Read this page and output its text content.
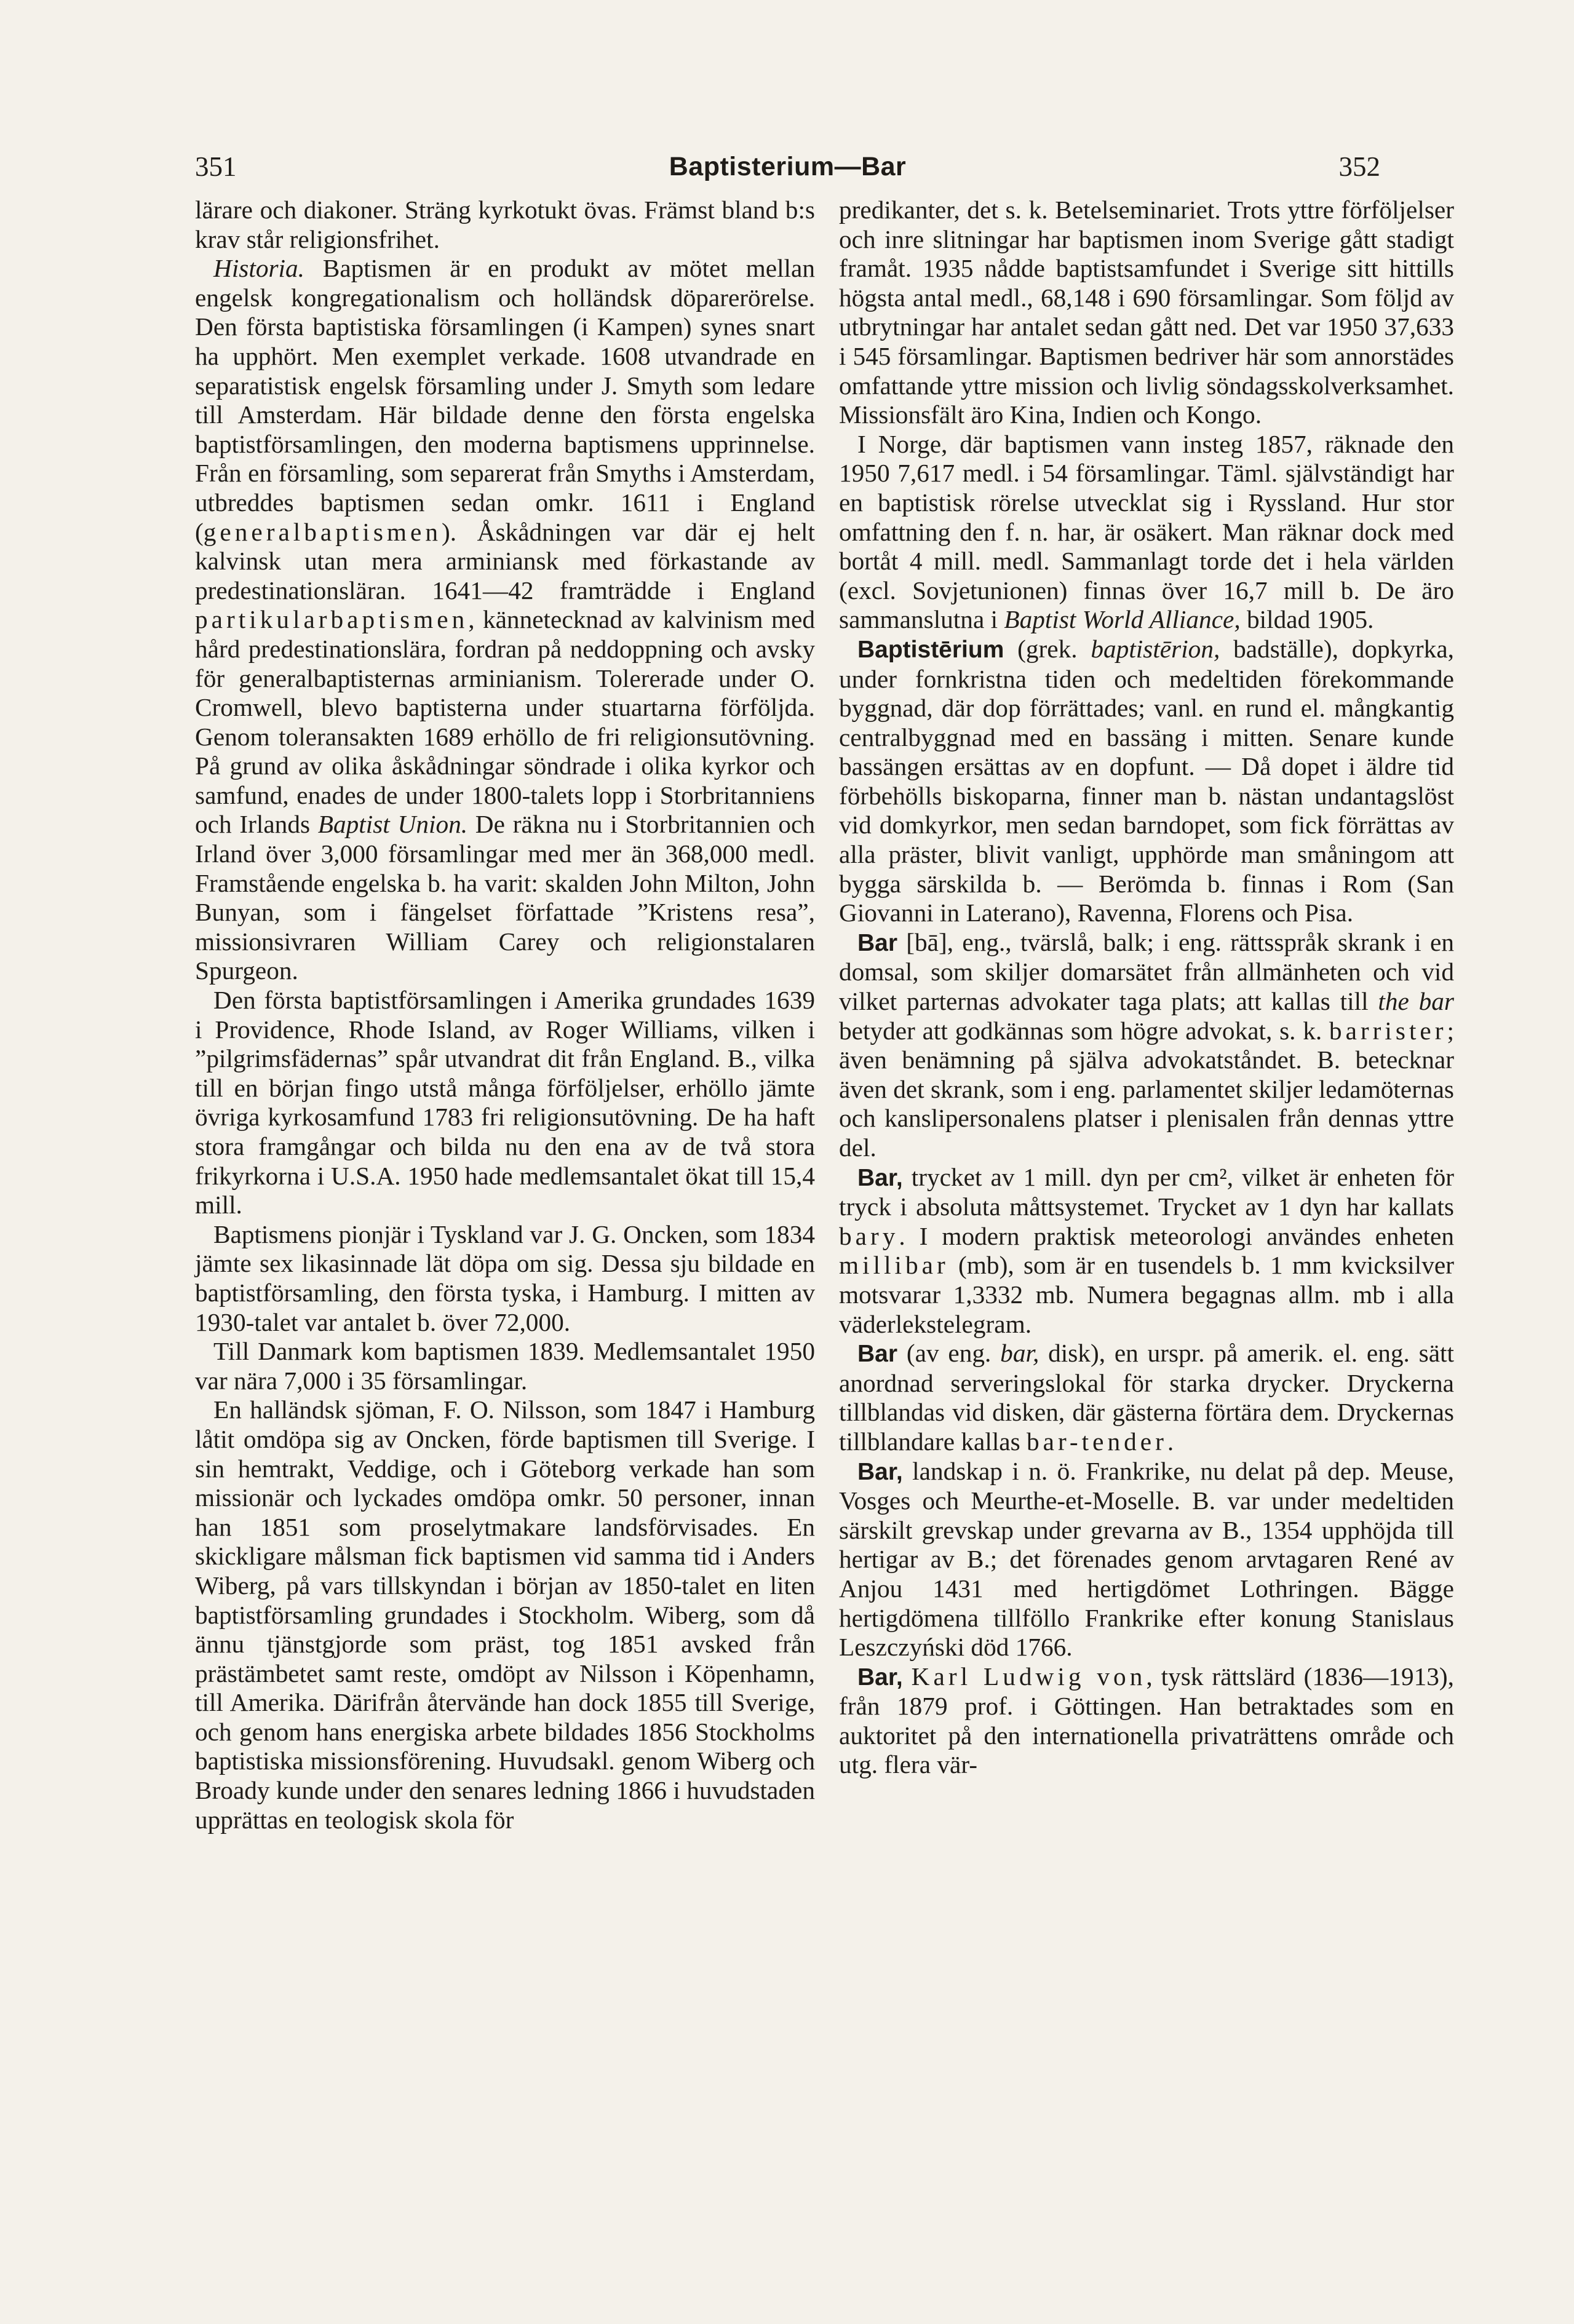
351	Baptisterium—Bar	352

lärare och diakoner. Sträng kyrkotukt övas. Främst bland b:s krav står religionsfrihet.

Historia. Baptismen är en produkt av mötet mellan engelsk kongregationalism och holländsk döparerörelse. Den första baptistiska församlingen (i Kampen) synes snart ha upphört. Men exemplet verkade. 1608 utvandrade en separatistisk engelsk församling under J. Smyth som ledare till Amsterdam. Här bildade denne den första engelska baptistförsamlingen, den moderna baptismens upprinnelse. Från en församling, som separerat från Smyths i Amsterdam, utbreddes baptismen sedan omkr. 1611 i England (generalbaptismen). Åskådningen var där ej helt kalvinsk utan mera arminiansk med förkastande av predestinationsläran. 1641—42 framträdde i England partikularbaptismen, kännetecknad av kalvinism med hård predestinationslära, fordran på neddoppning och avsky för generalbaptisternas arminianism. Tolererade under O. Cromwell, blevo baptisterna under stuartarna förföljda. Genom toleransakten 1689 erhöllo de fri religionsutövning. På grund av olika åskådningar söndrade i olika kyrkor och samfund, enades de under 1800-talets lopp i Storbritanniens och Irlands Baptist Union. De räkna nu i Storbritannien och Irland över 3,000 församlingar med mer än 368,000 medl. Framstående engelska b. ha varit: skalden John Milton, John Bunyan, som i fängelset författade ”Kristens resa”, missionsivraren William Carey och religionstalaren Spurgeon.

Den första baptistförsamlingen i Amerika grundades 1639 i Providence, Rhode Island, av Roger Williams, vilken i ”pilgrimsfädernas” spår utvandrat dit från England. B., vilka till en början fingo utstå många förföljelser, erhöllo jämte övriga kyrkosamfund 1783 fri religionsutövning. De ha haft stora framgångar och bilda nu den ena av de två stora frikyrkorna i U.S.A. 1950 hade medlemsantalet ökat till 15,4 mill.

Baptismens pionjär i Tyskland var J. G. Oncken, som 1834 jämte sex likasinnade lät döpa om sig. Dessa sju bildade en baptistförsamling, den första tyska, i Hamburg. I mitten av 1930-talet var antalet b. över 72,000.

Till Danmark kom baptismen 1839. Medlemsantalet 1950 var nära 7,000 i 35 församlingar.

En halländsk sjöman, F. O. Nilsson, som 1847 i Hamburg låtit omdöpa sig av Oncken, förde baptismen till Sverige. I sin hemtrakt, Veddige, och i Göteborg verkade han som missionär och lyckades omdöpa omkr. 50 personer, innan han 1851 som proselytmakare landsförvisades. En skickligare målsman fick baptismen vid samma tid i Anders Wiberg, på vars tillskyndan i början av 1850-talet en liten baptistförsamling grundades i Stockholm. Wiberg, som då ännu tjänstgjorde som präst, tog 1851 avsked från prästämbetet samt reste, omdöpt av Nilsson i Köpenhamn, till Amerika. Därifrån återvände han dock 1855 till Sverige, och genom hans energiska arbete bildades 1856 Stockholms baptistiska missionsförening. Huvudsakl. genom Wiberg och Broady kunde under den senares ledning 1866 i huvudstaden upprättas en teologisk skola för

predikanter, det s. k. Betelseminariet. Trots yttre förföljelser och inre slitningar har baptismen inom Sverige gått stadigt framåt. 1935 nådde baptistsamfundet i Sverige sitt hittills högsta antal medl., 68,148 i 690 församlingar. Som följd av utbrytningar har antalet sedan gått ned. Det var 1950 37,633 i 545 församlingar. Baptismen bedriver här som annorstädes omfattande yttre mission och livlig söndagsskolverksamhet. Missionsfält äro Kina, Indien och Kongo.

I Norge, där baptismen vann insteg 1857, räknade den 1950 7,617 medl. i 54 församlingar. Täml. självständigt har en baptistisk rörelse utvecklat sig i Ryssland. Hur stor omfattning den f. n. har, är osäkert. Man räknar dock med bortåt 4 mill. medl. Sammanlagt torde det i hela världen (excl. Sovjetunionen) finnas över 16,7 mill b. De äro sammanslutna i Baptist World Alliance, bildad 1905.

Baptistērium (grek. baptistērion, badställe), dopkyrka, under fornkristna tiden och medeltiden förekommande byggnad, där dop förrättades; vanl. en rund el. mångkantig centralbyggnad med en bassäng i mitten. Senare kunde bassängen ersättas av en dopfunt. — Då dopet i äldre tid förbehölls biskoparna, finner man b. nästan undantagslöst vid domkyrkor, men sedan barndopet, som fick förrättas av alla präster, blivit vanligt, upphörde man småningom att bygga särskilda b. — Berömda b. finnas i Rom (San Giovanni in Laterano), Ravenna, Florens och Pisa.

Bar [bā], eng., tvärslå, balk; i eng. rättsspråk skrank i en domsal, som skiljer domarsätet från allmänheten och vid vilket parternas advokater taga plats; att kallas till the bar betyder att godkännas som högre advokat, s. k. barrister; även benämning på själva advokatståndet. B. betecknar även det skrank, som i eng. parlamentet skiljer ledamöternas och kanslipersonalens platser i plenisalen från dennas yttre del.

Bar, trycket av 1 mill. dyn per cm², vilket är enheten för tryck i absoluta måttsystemet. Trycket av 1 dyn har kallats bary. I modern praktisk meteorologi användes enheten millibar (mb), som är en tusendels b. 1 mm kvicksilver motsvarar 1,3332 mb. Numera begagnas allm. mb i alla väderlekstelegram.

Bar (av eng. bar, disk), en urspr. på amerik. el. eng. sätt anordnad serveringslokal för starka drycker. Dryckerna tillblandas vid disken, där gästerna förtära dem. Dryckernas tillblandare kallas bar-tender.

Bar, landskap i n. ö. Frankrike, nu delat på dep. Meuse, Vosges och Meurthe-et-Moselle. B. var under medeltiden särskilt grevskap under grevarna av B., 1354 upphöjda till hertigar av B.; det förenades genom arvtagaren René av Anjou 1431 med hertigdömet Lothringen. Bägge hertigdömena tillföllo Frankrike efter konung Stanislaus Leszczyński död 1766.

Bar, Karl Ludwig von, tysk rättslärd (1836—1913), från 1879 prof. i Göttingen. Han betraktades som en auktoritet på den internationella privaträttens område och utg. flera vär-
